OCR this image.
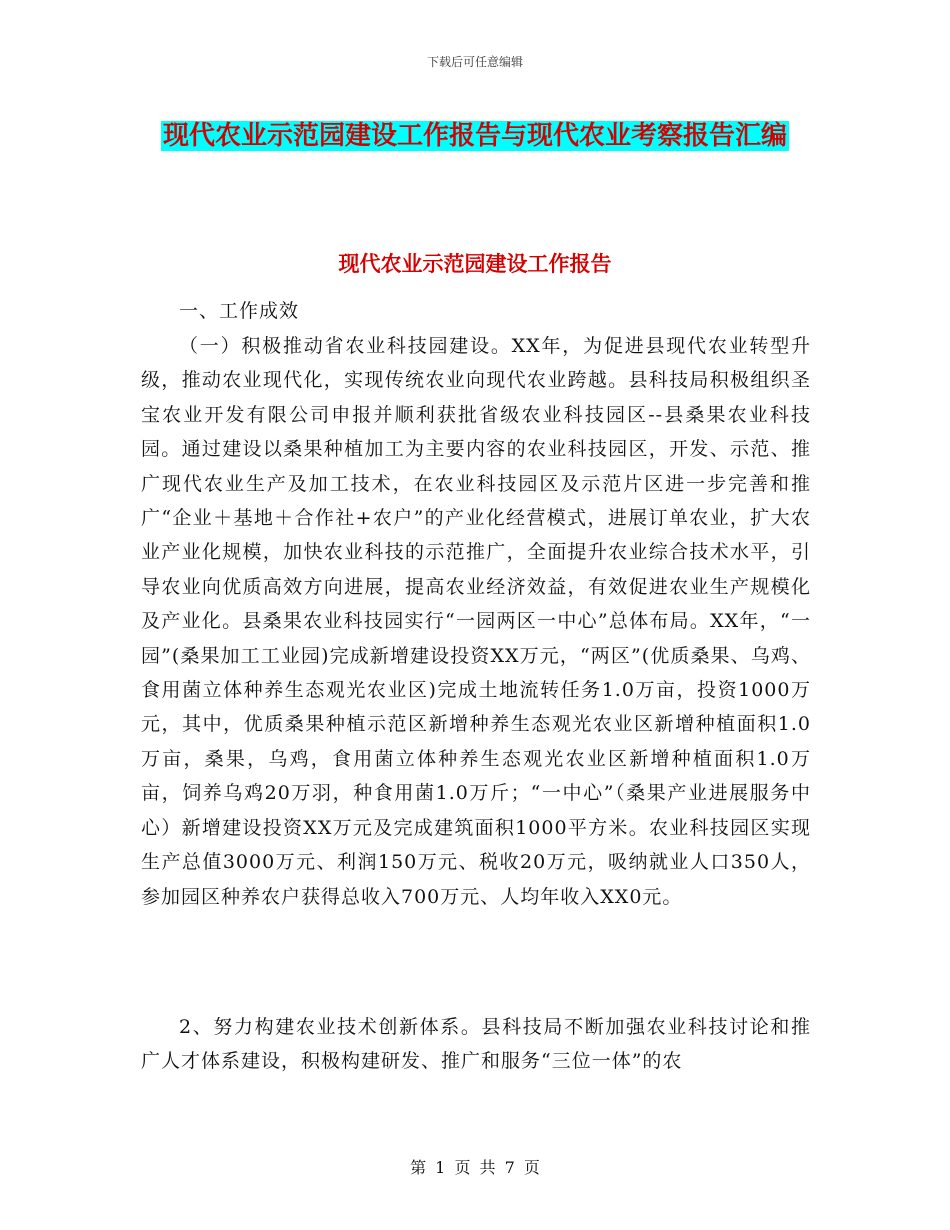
下载后可任意编辑
现代农业示范园建设工作报告与现代农业考察报告汇编
现代农业示范园建设工作报告
一、工作成效
（一）积极推动省农业科技园建设。XX年，为促进县现代农业转型升级，推动农业现代化，实现传统农业向现代农业跨越。县科技局积极组织圣宝农业开发有限公司申报并顺利获批省级农业科技园区--县桑果农业科技园。通过建设以桑果种植加工为主要内容的农业科技园区，开发、示范、推广现代农业生产及加工技术，在农业科技园区及示范片区进一步完善和推广“企业＋基地＋合作社+农户”的产业化经营模式，进展订单农业，扩大农业产业化规模，加快农业科技的示范推广，全面提升农业综合技术水平，引导农业向优质高效方向进展，提高农业经济效益，有效促进农业生产规模化及产业化。县桑果农业科技园实行“一园两区一中心”总体布局。XX年，“一园”(桑果加工工业园)完成新增建设投资XX万元，“两区”(优质桑果、乌鸡、食用菌立体种养生态观光农业区)完成土地流转任务1.0万亩，投资1000万元，其中，优质桑果种植示范区新增种养生态观光农业区新增种植面积1.0万亩，桑果，乌鸡，食用菌立体种养生态观光农业区新增种植面积1.0万亩，饲养乌鸡20万羽，种食用菌1.0万斤；“一中心”（桑果产业进展服务中心）新增建设投资XX万元及完成建筑面积1000平方米。农业科技园区实现生产总值3000万元、利润150万元、税收20万元，吸纳就业人口350人，参加园区种养农户获得总收入700万元、人均年收入XX0元。
2、努力构建农业技术创新体系。县科技局不断加强农业科技讨论和推广人才体系建设，积极构建研发、推广和服务“三位一体”的农
第 1 页 共 7 页
